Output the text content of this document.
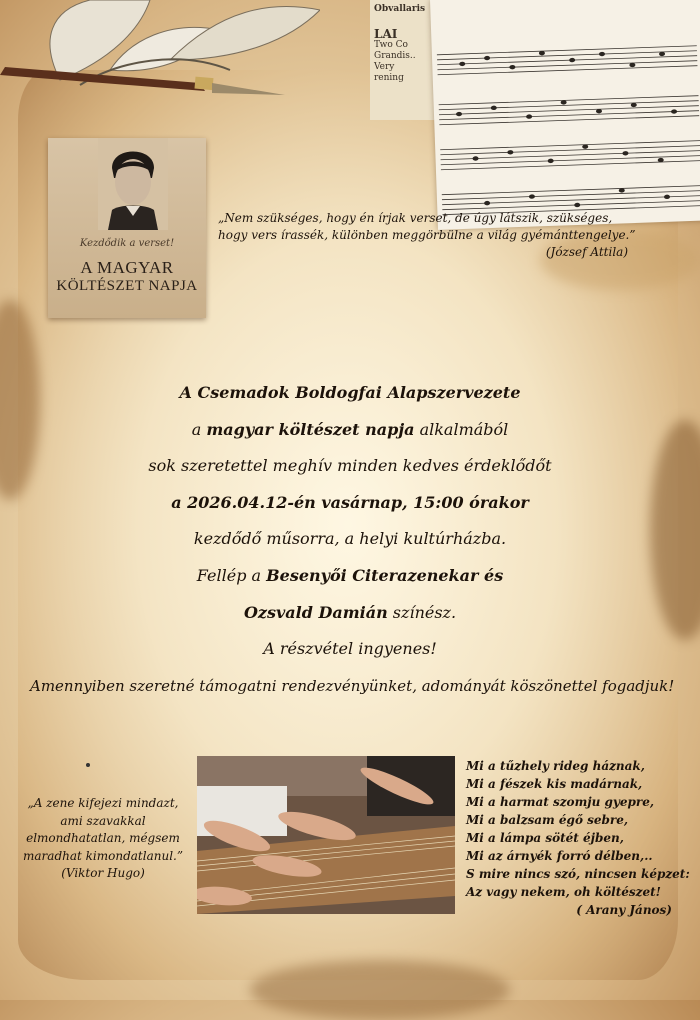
Obvallaris
LAI
Two Co
Grandis..
Very
rening
Kezdődik a verset!
A MAGYAR
KÖLTÉSZET NAPJA
„Nem szükséges, hogy én írjak verset, de úgy látszik, szükséges, hogy vers írassék, különben meggörbülne a világ gyémánttengelye.”
(József Attila)
A Csemadok Boldogfai Alapszervezete
a magyar költészet napja alkalmából
sok szeretettel meghív minden kedves érdeklődőt
a 2026.04.12-én vasárnap, 15:00 órakor
kezdődő műsorra, a helyi kultúrházba.
Fellép a Besenyői Citerazenekar és
Ozsvald Damián színész.
A részvétel ingyenes!
Amennyiben szeretné támogatni rendezvényünket, adományát köszönettel fogadjuk!
„A zene kifejezi mindazt,
ami szavakkal
elmondhatatlan, mégsem
maradhat kimondatlanul.”
(Viktor Hugo)
Mi a tűzhely rideg háznak,
Mi a fészek kis madárnak,
Mi a harmat szomju gyepre,
Mi a balzsam égő sebre,
Mi a lámpa sötét éjben,
Mi az árnyék forró délben,..
S mire nincs szó, nincsen képzet:
Az vagy nekem, oh költészet!
( Arany János)
